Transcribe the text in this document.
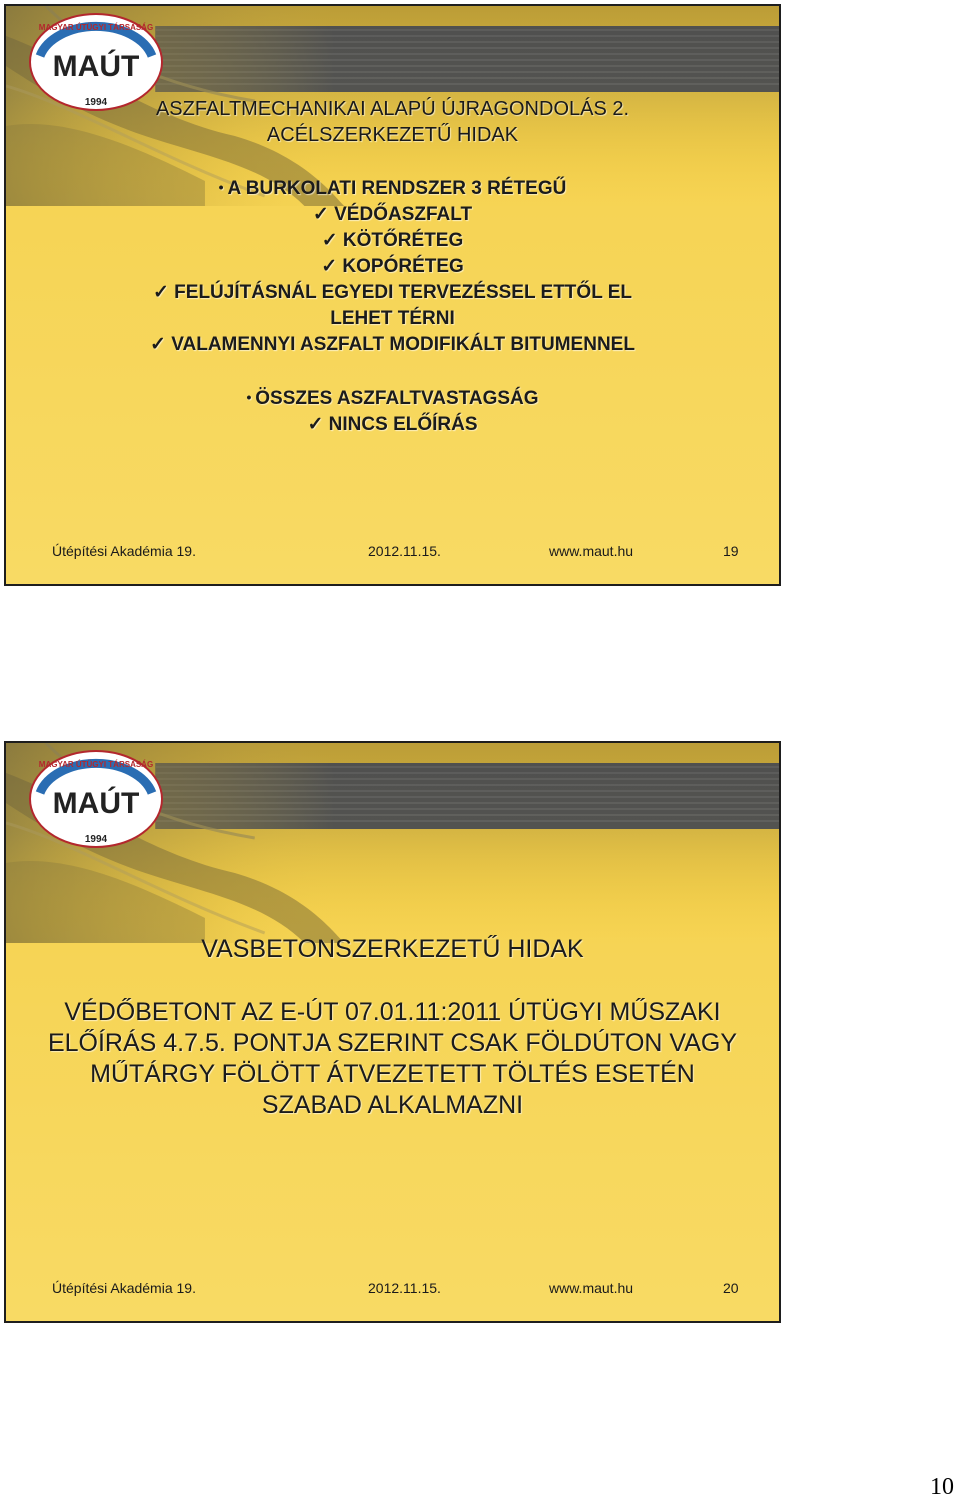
MAÚT
1994
MAGYAR ÚTÜGYI TÁRSASÁG
ASZFALTMECHANIKAI ALAPÚ ÚJRAGONDOLÁS 2.
ACÉLSZERKEZETŰ HIDAK
• A BURKOLATI RENDSZER 3 RÉTEGŰ
✓ VÉDŐASZFALT
✓ KÖTŐRÉTEG
✓ KOPÓRÉTEG
✓ FELÚJÍTÁSNÁL EGYEDI TERVEZÉSSEL ETTŐL EL
LEHET TÉRNI
✓ VALAMENNYI ASZFALT MODIFIKÁLT BITUMENNEL
• ÖSSZES ASZFALTVASTAGSÁG
✓ NINCS ELŐÍRÁS
Útépítési Akadémia 19.	2012.11.15.	www.maut.hu	19
MAÚT
1994
MAGYAR ÚTÜGYI TÁRSASÁG
VASBETONSZERKEZETŰ HIDAK
VÉDŐBETONT AZ E-ÚT 07.01.11:2011 ÚTÜGYI MŰSZAKI
ELŐÍRÁS 4.7.5. PONTJA SZERINT CSAK FÖLDÚTON VAGY
MŰTÁRGY FÖLÖTT ÁTVEZETETT TÖLTÉS ESETÉN
SZABAD ALKALMAZNI
Útépítési Akadémia 19.	2012.11.15.	www.maut.hu	20
10
